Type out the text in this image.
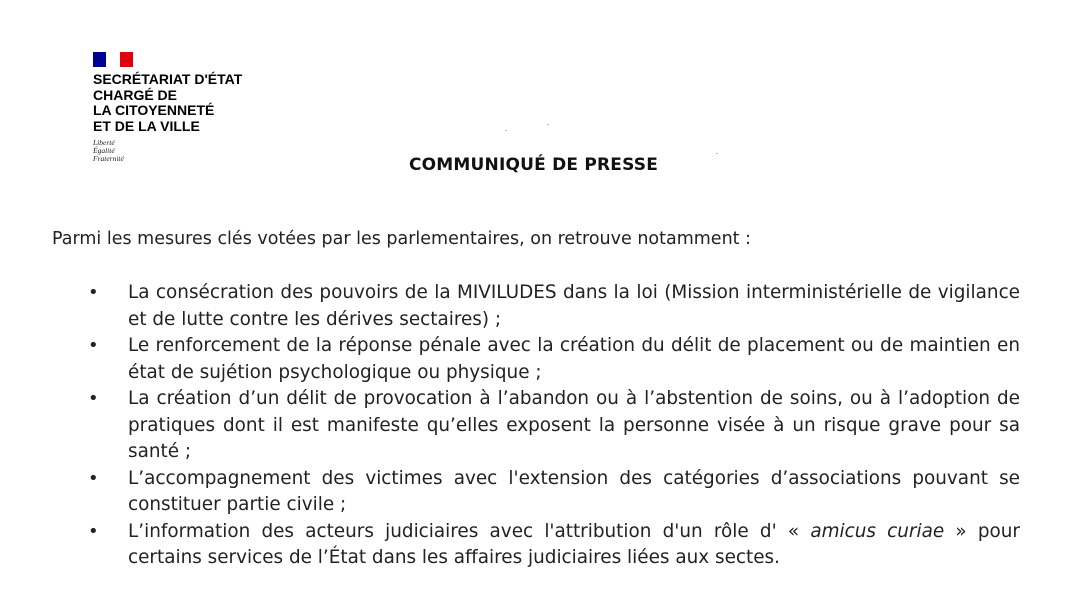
SECRÉTARIAT D'ÉTAT
CHARGÉ DE
LA CITOYENNETÉ
ET DE LA VILLE
Liberté
Égalité
Fraternité	COMMUNIQUÉ DE PRESSE
Parmi les mesures clés votées par les parlementaires, on retrouve notamment :
• La consécration des pouvoirs de la MIVILUDES dans la loi (Mission interministérielle de vigilance et de lutte contre les dérives sectaires) ;
• Le renforcement de la réponse pénale avec la création du délit de placement ou de maintien en état de sujétion psychologique ou physique ;
• La création d’un délit de provocation à l’abandon ou à l’abstention de soins, ou à l’adoption de pratiques dont il est manifeste qu’elles exposent la personne visée à un risque grave pour sa santé ;
• L’accompagnement des victimes avec l'extension des catégories d’associations pouvant se constituer partie civile ;
• L’information des acteurs judiciaires avec l'attribution d'un rôle d' « amicus curiae » pour certains services de l’État dans les affaires judiciaires liées aux sectes.
